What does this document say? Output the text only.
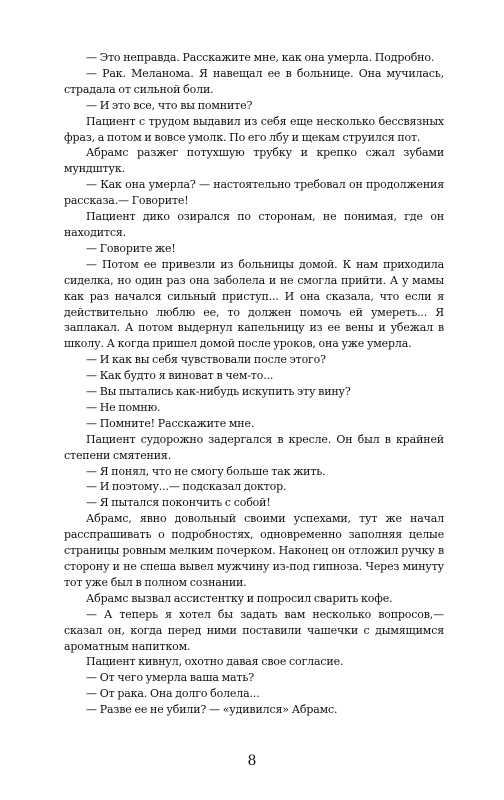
— Это неправда. Расскажите мне, как она умерла. Подробно.

— Рак. Меланома. Я навещал ее в больнице. Она мучилась, страдала от сильной боли.

— И это все, что вы помните?

Пациент с трудом выдавил из себя еще несколько бессвязных фраз, а потом и вовсе умолк. По его лбу и щекам струился пот.

Абрамс разжег потухшую трубку и крепко сжал зубами мундштук.

— Как она умерла? — настоятельно требовал он продолжения рассказа.— Говорите!

Пациент дико озирался по сторонам, не понимая, где он находится.

— Говорите же!

— Потом ее привезли из больницы домой. К нам приходила сиделка, но один раз она заболела и не смогла прийти. А у мамы как раз начался сильный приступ... И она сказала, что если я действительно люблю ее, то должен помочь ей умереть... Я заплакал. А потом выдернул капельницу из ее вены и убежал в школу. А когда пришел домой после уроков, она уже умерла.

— И как вы себя чувствовали после этого?

— Как будто я виноват в чем-то...

— Вы пытались как-нибудь искупить эту вину?

— Не помню.

— Помните! Расскажите мне.

Пациент судорожно задергался в кресле. Он был в крайней степени смятения.

— Я понял, что не смогу больше так жить.

— И поэтому...— подсказал доктор.

— Я пытался покончить с собой!

Абрамс, явно довольный своими успехами, тут же начал расспрашивать о подробностях, одновременно заполняя целые страницы ровным мелким почерком. Наконец он отложил ручку в сторону и не спеша вывел мужчину из-под гипноза. Через минуту тот уже был в полном сознании.

Абрамс вызвал ассистентку и попросил сварить кофе.

— А теперь я хотел бы задать вам несколько вопросов,— сказал он, когда перед ними поставили чашечки с дымящимся ароматным напитком.

Пациент кивнул, охотно давая свое согласие.

— От чего умерла ваша мать?

— От рака. Она долго болела...

— Разве ее не убили? — «удивился» Абрамс.

8
